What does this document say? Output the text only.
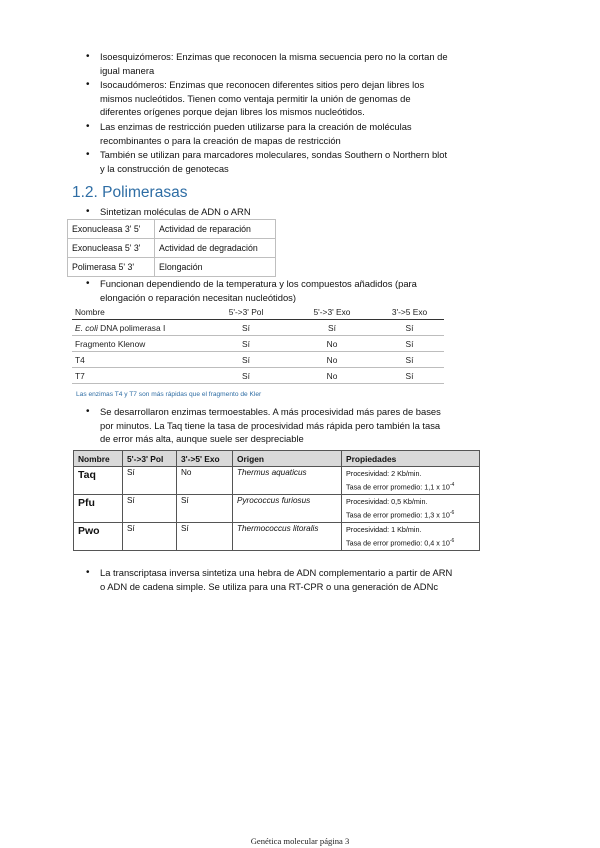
• Isoesquizómeros: Enzimas que reconocen la misma secuencia pero no la cortan de
igual manera
• Isocaudómeros: Enzimas que reconocen diferentes sitios pero dejan libres los
mismos nucleótidos. Tienen como ventaja permitir la unión de genomas de
diferentes orígenes porque dejan libres los mismos nucleótidos.
• Las enzimas de restricción pueden utilizarse para la creación de moléculas
recombinantes o para la creación de mapas de restricción
• También se utilizan para marcadores moleculares, sondas Southern o Northern blot
y la construcción de genotecas
1.2. Polimerasas
• Sintetizan moléculas de ADN o ARN
Exonucleasa 3' 5'	Actividad de reparación
Exonucleasa 5' 3'	Actividad de degradación
Polimerasa 5' 3'	Elongación
• Funcionan dependiendo de la temperatura y los compuestos añadidos (para
elongación o reparación necesitan nucleótidos)
Nombre	5'->3' Pol	5'->3' Exo	3'->5 Exo
E. coli DNA polimerasa I	Sí	Sí	Sí
Fragmento Klenow	Sí	No	Sí
T4	Sí	No	Sí
T7	Sí	No	Sí
Las enzimas T4 y T7 son más rápidas que el fragmento de Kler
• Se desarrollaron enzimas termoestables. A más procesividad más pares de bases
por minutos. La Taq tiene la tasa de procesividad más rápida pero también la tasa
de error más alta, aunque suele ser despreciable
Nombre	5'->3' Pol	3'->5' Exo	Origen	Propiedades
Taq	Sí	No	Thermus aquaticus	Procesividad: 2 Kb/min.
Tasa de error promedio: 1,1 x $10^{-4}$
Pfu	Sí	Sí	Pyrococcus furiosus	Procesividad: 0,5 Kb/min.
Tasa de error promedio: 1,3 x $10^{-6}$
Pwo	Sí	Sí	Thermococcus litoralis	Procesividad: 1 Kb/min.
Tasa de error promedio: 0,4 x $10^{-6}$
• La transcriptasa inversa sintetiza una hebra de ADN complementario a partir de ARN
o ADN de cadena simple. Se utiliza para una RT-CPR o una generación de ADNc
Genética molecular página 3
